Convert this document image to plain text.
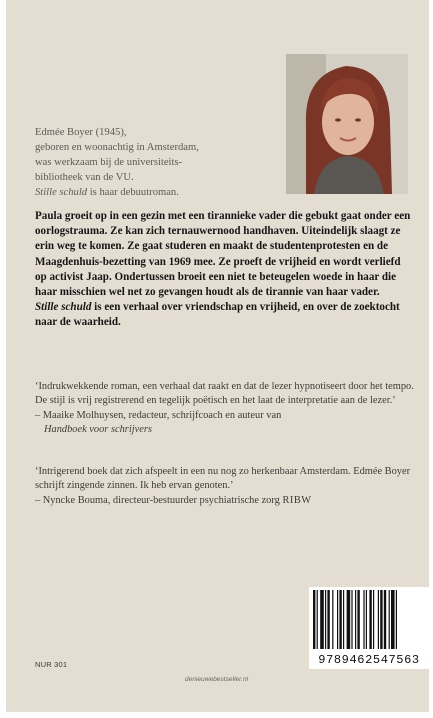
Edmée Boyer (1945),

geboren en woonachtig in Amsterdam,

was werkzaam bij de universiteits-

bibliotheek van de VU.

Stille schuld is haar debuutroman.

Paula groeit op in een gezin met een tirannieke vader die gebukt gaat onder een oorlogstrauma. Ze kan zich ternauwernood handhaven. Uiteindelijk slaagt ze erin weg te komen. Ze gaat studeren en maakt de studentenprotesten en de Maagdenhuis-bezetting van 1969 mee. Ze proeft de vrijheid en wordt verliefd op activist Jaap. Ondertussen broeit een niet te beteugelen woede in haar die haar misschien wel net zo gevangen houdt als de tirannie van haar vader.

Stille schuld is een verhaal over vriendschap en vrijheid, en over de zoektocht naar de waarheid.

‘Indrukwekkende roman, een verhaal dat raakt en dat de lezer hypnotiseert door het tempo. De stijl is vrij registrerend en tegelijk poëtisch en het laat de interpretatie aan de lezer.’

– Maaike Molhuysen, redacteur, schrijfcoach en auteur van

Handboek voor schrijvers

‘Intrigerend boek dat zich afspeelt in een nu nog zo herkenbaar Amsterdam. Edmée Boyer schrijft zingende zinnen. Ik heb ervan genoten.’

– Nyncke Bouma, directeur-bestuurder psychiatrische zorg RIBW

NUR 301	9789462547563
denieuwebestseller.nl
